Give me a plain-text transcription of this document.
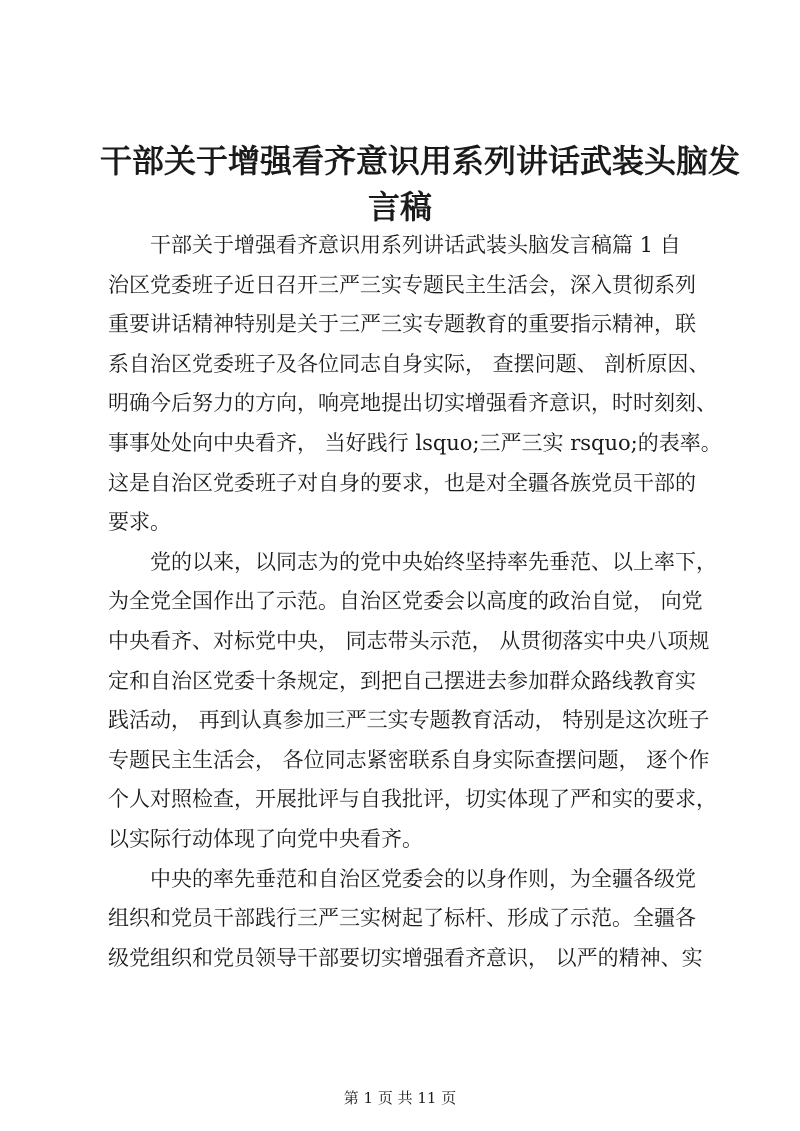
干部关于增强看齐意识用系列讲话武装头脑发
言稿

干部关于增强看齐意识用系列讲话武装头脑发言稿篇 1 自
治区党委班子近日召开三严三实专题民主生活会，深入贯彻系列
重要讲话精神特别是关于三严三实专题教育的重要指示精神，联
系自治区党委班子及各位同志自身实际， 查摆问题、 剖析原因、
明确今后努力的方向，响亮地提出切实增强看齐意识，时时刻刻、
事事处处向中央看齐， 当好践行 lsquo;三严三实 rsquo;的表率。
这是自治区党委班子对自身的要求，也是对全疆各族党员干部的
要求。

党的以来，以同志为的党中央始终坚持率先垂范、以上率下，
为全党全国作出了示范。自治区党委会以高度的政治自觉， 向党
中央看齐、对标党中央， 同志带头示范， 从贯彻落实中央八项规
定和自治区党委十条规定，到把自己摆进去参加群众路线教育实
践活动， 再到认真参加三严三实专题教育活动， 特别是这次班子
专题民主生活会， 各位同志紧密联系自身实际查摆问题， 逐个作
个人对照检查，开展批评与自我批评，切实体现了严和实的要求，
以实际行动体现了向党中央看齐。

中央的率先垂范和自治区党委会的以身作则，为全疆各级党
组织和党员干部践行三严三实树起了标杆、形成了示范。全疆各
级党组织和党员领导干部要切实增强看齐意识， 以严的精神、实

第 1 页 共 11 页
